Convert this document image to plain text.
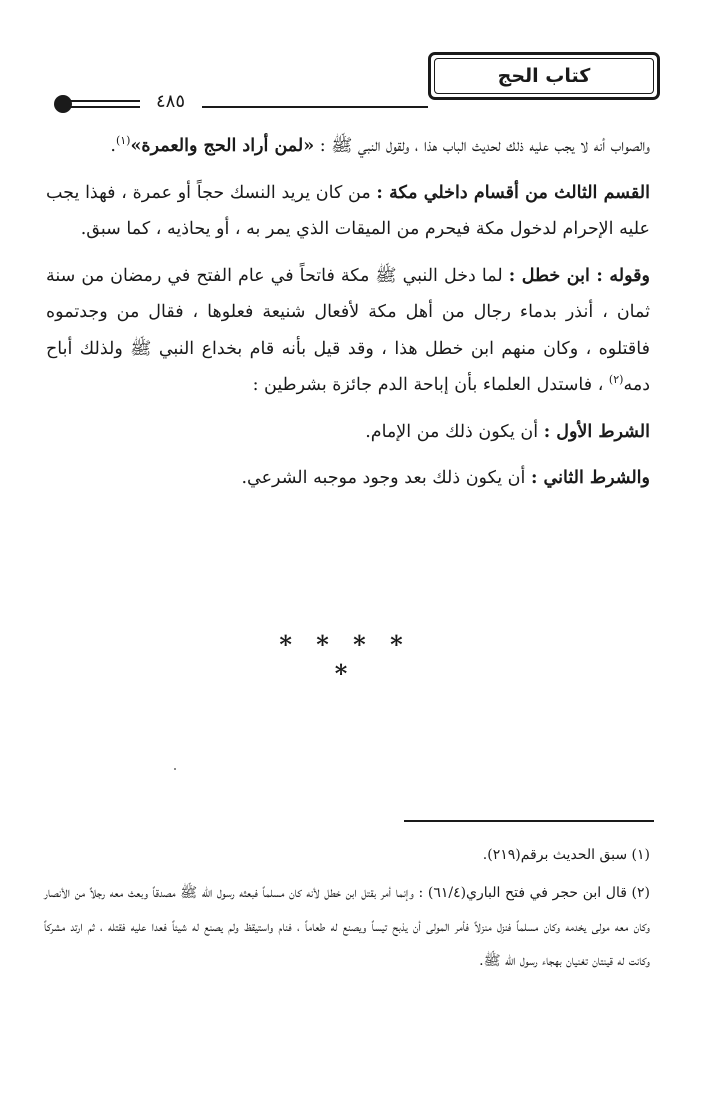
كتاب الحج
٤٨٥

والصواب أنه لا يجب عليه ذلك لحديث الباب هذا ، ولقول النبي ﷺ : «لمن أراد الحج والعمرة»$^{(١)}$.

القسم الثالث من أقسام داخلي مكة : من كان يريد النسك حجاً أو عمرة ، فهذا يجب عليه الإحرام لدخول مكة فيحرم من الميقات الذي يمر به ، أو يحاذيه ، كما سبق.

وقوله : ابن خطل : لما دخل النبي ﷺ مكة فاتحاً في عام الفتح في رمضان من سنة ثمان ، أنذر بدماء رجال من أهل مكة لأفعال شنيعة فعلوها ، فقال من وجدتموه فاقتلوه ، وكان منهم ابن خطل هذا ، وقد قيل بأنه قام بخداع النبي ﷺ ولذلك أباح دمه$^{(٢)}$ ، فاستدل العلماء بأن إباحة الدم جائزة بشرطين :

الشرط الأول : أن يكون ذلك من الإمام.

والشرط الثاني : أن يكون ذلك بعد وجود موجبه الشرعي.

* * * * *

(١) سبق الحديث برقم(٢١٩).

(٢) قال ابن حجر في فتح الباري(٦١/٤) : وإنما أمر بقتل ابن خطل لأنه كان مسلماً فبعثه رسول الله ﷺ مصدقاً وبعث معه رجلاً من الأنصار وكان معه مولى يخدمه وكان مسلماً فنزل منزلاً فأمر المولى أن يذبح تيساً ويصنع له طعاماً ، فنام واستيقظ ولم يصنع له شيئاً فعدا عليه فقتله ، ثم ارتد مشركاً وكانت له قينتان تغنيان بهجاء رسول الله ﷺ.
